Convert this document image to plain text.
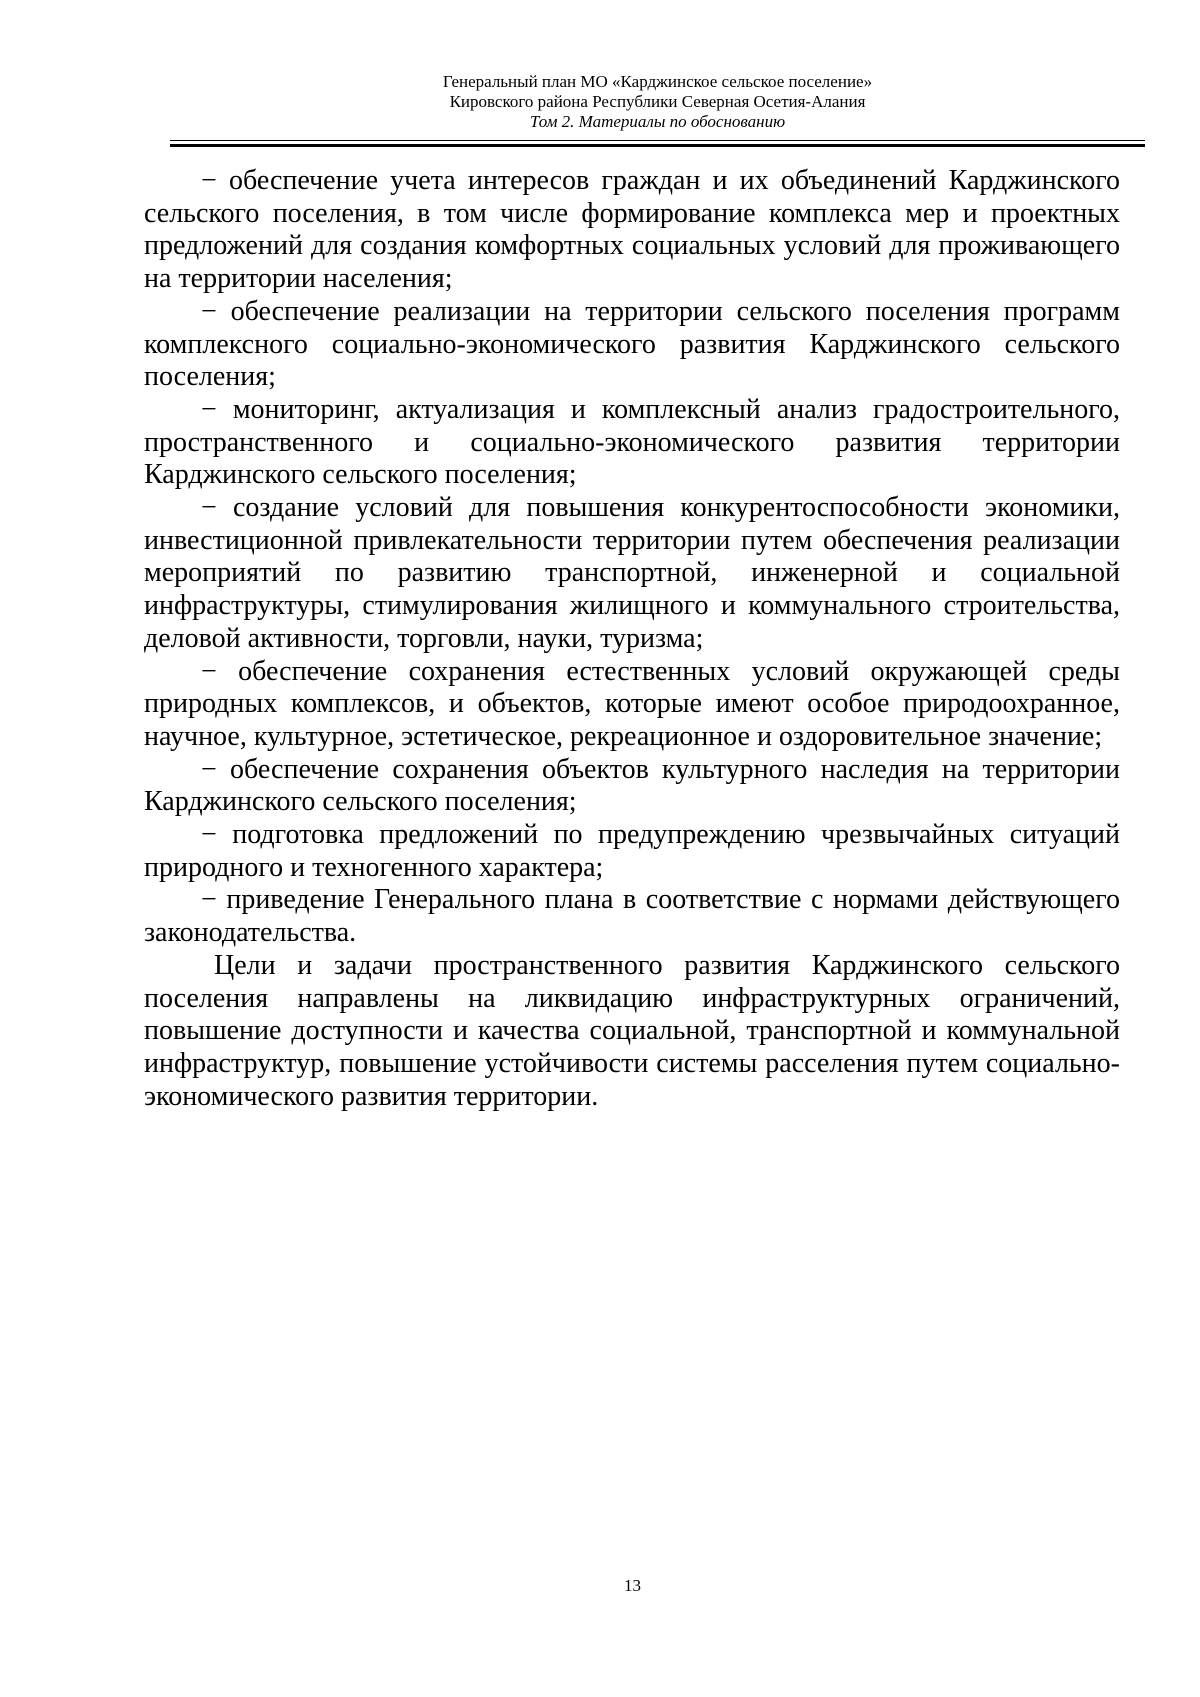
Генеральный план МО «Карджинское сельское поселение»
Кировского района Республики Северная Осетия-Алания
Том 2. Материалы по обоснованию

− обеспечение учета интересов граждан и их объединений Карджинского сельского поселения, в том числе формирование комплекса мер и проектных предложений для создания комфортных социальных условий для проживающего на территории населения;

− обеспечение реализации на территории сельского поселения программ комплексного социально-экономического развития Карджинского сельского поселения;

− мониторинг, актуализация и комплексный анализ градостроительного, пространственного и социально-экономического развития территории Карджинского сельского поселения;

− создание условий для повышения конкурентоспособности экономики, инвестиционной привлекательности территории путем обеспечения реализации мероприятий по развитию транспортной, инженерной и социальной инфраструктуры, стимулирования жилищного и коммунального строительства, деловой активности, торговли, науки, туризма;

− обеспечение сохранения естественных условий окружающей среды природных комплексов, и объектов, которые имеют особое природоохранное, научное, культурное, эстетическое, рекреационное и оздоровительное значение;

− обеспечение сохранения объектов культурного наследия на территории Карджинского сельского поселения;

− подготовка предложений по предупреждению чрезвычайных ситуаций природного и техногенного характера;

− приведение Генерального плана в соответствие с нормами действующего законодательства.

Цели и задачи пространственного развития Карджинского сельского поселения направлены на ликвидацию инфраструктурных ограничений, повышение доступности и качества социальной, транспортной и коммунальной инфраструктур, повышение устойчивости системы расселения путем социально-экономического развития территории.

13
